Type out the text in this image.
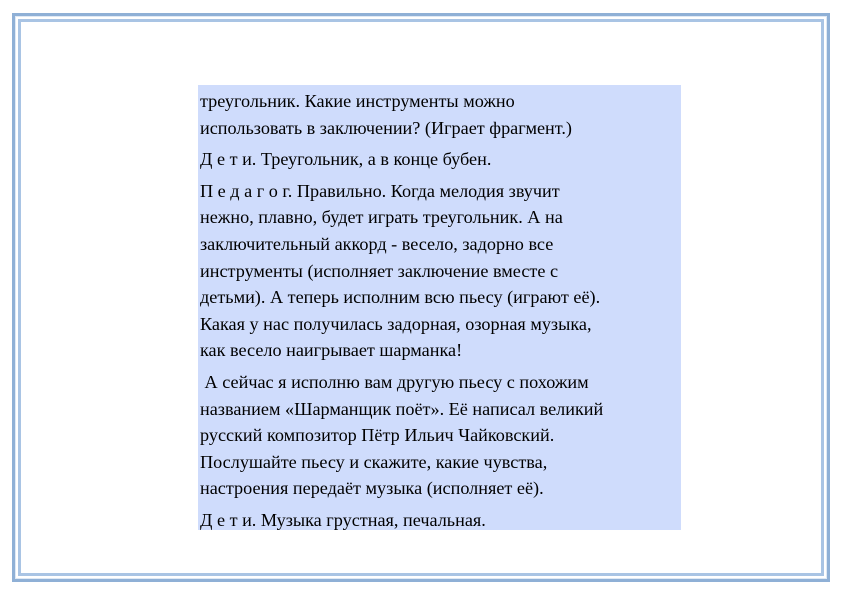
треугольник. Какие инструменты можно
использовать в заключении? (Играет фрагмент.)

Д е т и. Треугольник, а в конце бубен.

П е д а г о г. Правильно. Когда мелодия звучит
нежно, плавно, будет играть треугольник. А на
заключительный аккорд - весело, задорно все
инструменты (исполняет заключение вместе с
детьми). А теперь исполним всю пьесу (играют её).
Какая у нас получилась задорная, озорная музыка,
как весело наигрывает шарманка!

А сейчас я исполню вам другую пьесу с похожим
названием «Шарманщик поёт». Её написал великий
русский композитор Пётр Ильич Чайковский.
Послушайте пьесу и скажите, какие чувства,
настроения передаёт музыка (исполняет её).

Д е т и. Музыка грустная, печальная.
